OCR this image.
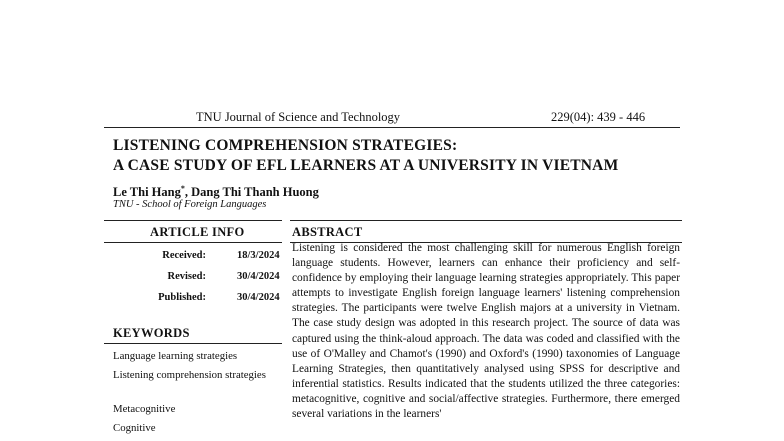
TNU Journal of Science and Technology	229(04): 439 - 446
LISTENING COMPREHENSION STRATEGIES:
A CASE STUDY OF EFL LEARNERS AT A UNIVERSITY IN VIETNAM
Le Thi Hang*, Dang Thi Thanh Huong
TNU - School of Foreign Languages
ARTICLE INFO
Received:	18/3/2024
Revised:	30/4/2024
Published:	30/4/2024
KEYWORDS
Language learning strategies
Listening comprehension strategies
Metacognitive
Cognitive
ABSTRACT
Listening is considered the most challenging skill for numerous English foreign language students. However, learners can enhance their proficiency and self-confidence by employing their language learning strategies appropriately. This paper attempts to investigate English foreign language learners' listening comprehension strategies. The participants were twelve English majors at a university in Vietnam. The case study design was adopted in this research project. The source of data was captured using the think-aloud approach. The data was coded and classified with the use of O'Malley and Chamot's (1990) and Oxford's (1990) taxonomies of Language Learning Strategies, then quantitatively analysed using SPSS for descriptive and inferential statistics. Results indicated that the students utilized the three categories: metacognitive, cognitive and social/affective strategies. Furthermore, there emerged several variations in the learners'
